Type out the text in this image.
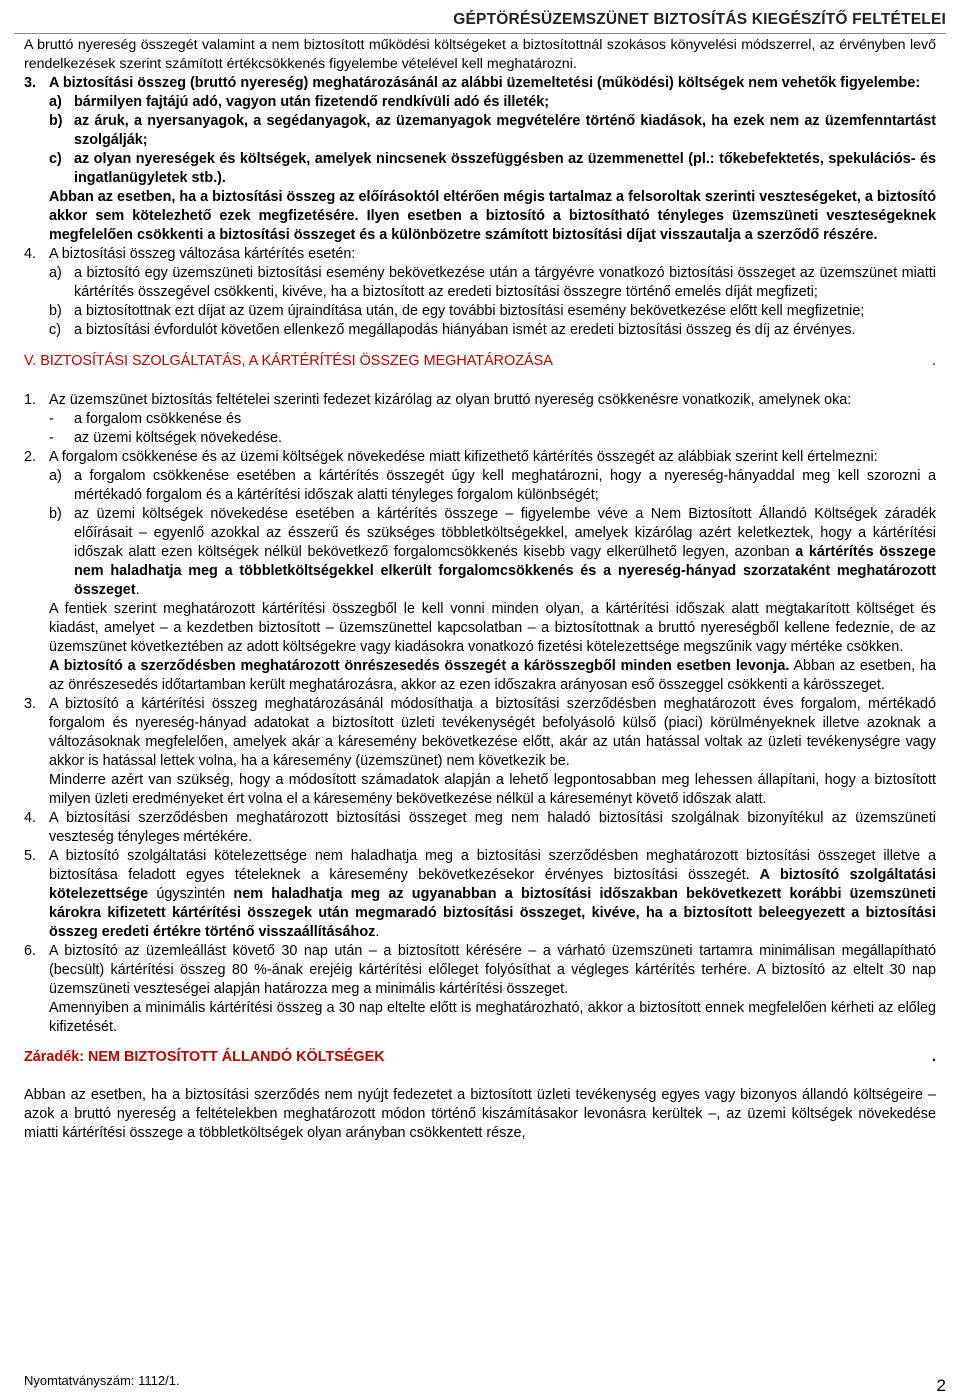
GÉPTÖRÉSÜZEMSZÜNET BIZTOSÍTÁS KIEGÉSZÍTŐ FELTÉTELEI

A bruttó nyereség összegét valamint a nem biztosított működési költségeket a biztosítottnál szokásos könyvelési módszerrel, az érvényben levő rendelkezések szerint számított értékcsökkenés figyelembe vételével kell meghatározni.

3. A biztosítási összeg (bruttó nyereség) meghatározásánál az alábbi üzemeltetési (működési) költségek nem vehetők figyelembe:

a) bármilyen fajtájú adó, vagyon után fizetendő rendkívüli adó és illeték;

b) az áruk, a nyersanyagok, a segédanyagok, az üzemanyagok megvételére történő kiadások, ha ezek nem az üzemfenntartást szolgálják;

c) az olyan nyereségek és költségek, amelyek nincsenek összefüggésben az üzemmenettel (pl.: tőkebefektetés, spekulációs- és ingatlanügyletek stb.).

Abban az esetben, ha a biztosítási összeg az előírásoktól eltérően mégis tartalmaz a felsoroltak szerinti veszteségeket, a biztosító akkor sem kötelezhető ezek megfizetésére. Ilyen esetben a biztosító a biztosítható tényleges üzemszüneti veszteségeknek megfelelően csökkenti a biztosítási összeget és a különbözetre számított biztosítási díjat visszautalja a szerződő részére.

4. A biztosítási összeg változása kártérítés esetén:

a) a biztosító egy üzemszüneti biztosítási esemény bekövetkezése után a tárgyévre vonatkozó biztosítási összeget az üzemszünet miatti kártérítés összegével csökkenti, kivéve, ha a biztosított az eredeti biztosítási összegre történő emelés díját megfizeti;

b) a biztosítottnak ezt díjat az üzem újraindítása után, de egy további biztosítási esemény bekövetkezése előtt kell megfizetnie;

c) a biztosítási évfordulót követően ellenkező megállapodás hiányában ismét az eredeti biztosítási összeg és díj az érvényes.

V. BIZTOSÍTÁSI SZOLGÁLTATÁS, A KÁRTÉRÍTÉSI ÖSSZEG MEGHATÁROZÁSA	.
1. Az üzemszünet biztosítás feltételei szerinti fedezet kizárólag az olyan bruttó nyereség csökkenésre vonatkozik, amelynek oka:

- a forgalom csökkenése és
- az üzemi költségek növekedése.
2. A forgalom csökkenése és az üzemi költségek növekedése miatt kifizethető kártérítés összegét az alábbiak szerint kell értelmezni:

a) a forgalom csökkenése esetében a kártérítés összegét úgy kell meghatározni, hogy a nyereség-hányaddal meg kell szorozni a mértékadó forgalom és a kártérítési időszak alatti tényleges forgalom különbségét;

b) az üzemi költségek növekedése esetében a kártérítés összege – figyelembe véve a Nem Biztosított Állandó Költségek záradék előírásait – egyenlő azokkal az ésszerű és szükséges többletköltségekkel, amelyek kizárólag azért keletkeztek, hogy a kártérítési időszak alatt ezen költségek nélkül bekövetkező forgalomcsökkenés kisebb vagy elkerülhető legyen, azonban a kártérítés összege nem haladhatja meg a többletköltségekkel elkerült forgalomcsökkenés és a nyereség-hányad szorzataként meghatározott összeget.

A fentiek szerint meghatározott kártérítési összegből le kell vonni minden olyan, a kártérítési időszak alatt megtakarított költséget és kiadást, amelyet – a kezdetben biztosított – üzemszünettel kapcsolatban – a biztosítottnak a bruttó nyereségből kellene fedeznie, de az üzemszünet következtében az adott költségekre vagy kiadásokra vonatkozó fizetési kötelezettsége megszűnik vagy mértéke csökken.

A biztosító a szerződésben meghatározott önrészesedés összegét a kárösszegből minden esetben levonja. Abban az esetben, ha az önrészesedés időtartamban került meghatározásra, akkor az ezen időszakra arányosan eső összeggel csökkenti a kárösszeget.

3. A biztosító a kártérítési összeg meghatározásánál módosíthatja a biztosítási szerződésben meghatározott éves forgalom, mértékadó forgalom és nyereség-hányad adatokat a biztosított üzleti tevékenységét befolyásoló külső (piaci) körülményeknek illetve azoknak a változásoknak megfelelően, amelyek akár a káresemény bekövetkezése előtt, akár az után hatással voltak az üzleti tevékenységre vagy akkor is hatással lettek volna, ha a káresemény (üzemszünet) nem következik be.

Minderre azért van szükség, hogy a módosított számadatok alapján a lehető legpontosabban meg lehessen állapítani, hogy a biztosított milyen üzleti eredményeket ért volna el a káresemény bekövetkezése nélkül a káreseményt követő időszak alatt.

4. A biztosítási szerződésben meghatározott biztosítási összeget meg nem haladó biztosítási szolgálnak bizonyítékul az üzemszüneti veszteség tényleges mértékére.

5. A biztosító szolgáltatási kötelezettsége nem haladhatja meg a biztosítási szerződésben meghatározott biztosítási összeget illetve a biztosítása feladott egyes tételeknek a káresemény bekövetkezésekor érvényes biztosítási összegét. A biztosító szolgáltatási kötelezettsége úgyszintén nem haladhatja meg az ugyanabban a biztosítási időszakban bekövetkezett korábbi üzemszüneti károkra kifizetett kártérítési összegek után megmaradó biztosítási összeget, kivéve, ha a biztosított beleegyezett a biztosítási összeg eredeti értékre történő visszaállításához.

6. A biztosító az üzemleállást követő 30 nap után – a biztosított kérésére – a várható üzemszüneti tartamra minimálisan megállapítható (becsült) kártérítési összeg 80 %-ának erejéig kártérítési előleget folyósíthat a végleges kártérítés terhére. A biztosító az eltelt 30 nap üzemszüneti veszteségei alapján határozza meg a minimális kártérítési összeget.

Amennyiben a minimális kártérítési összeg a 30 nap eltelte előtt is meghatározható, akkor a biztosított ennek megfelelően kérheti az előleg kifizetését.

Záradék: NEM BIZTOSÍTOTT ÁLLANDÓ KÖLTSÉGEK	.

Abban az esetben, ha a biztosítási szerződés nem nyújt fedezetet a biztosított üzleti tevékenység egyes vagy bizonyos állandó költségeire – azok a bruttó nyereség a feltételekben meghatározott módon történő kiszámításakor levonásra kerültek –, az üzemi költségek növekedése miatti kártérítési összege a többletköltségek olyan arányban csökkentett része,

Nyomtatványszám: 1112/1.	2
